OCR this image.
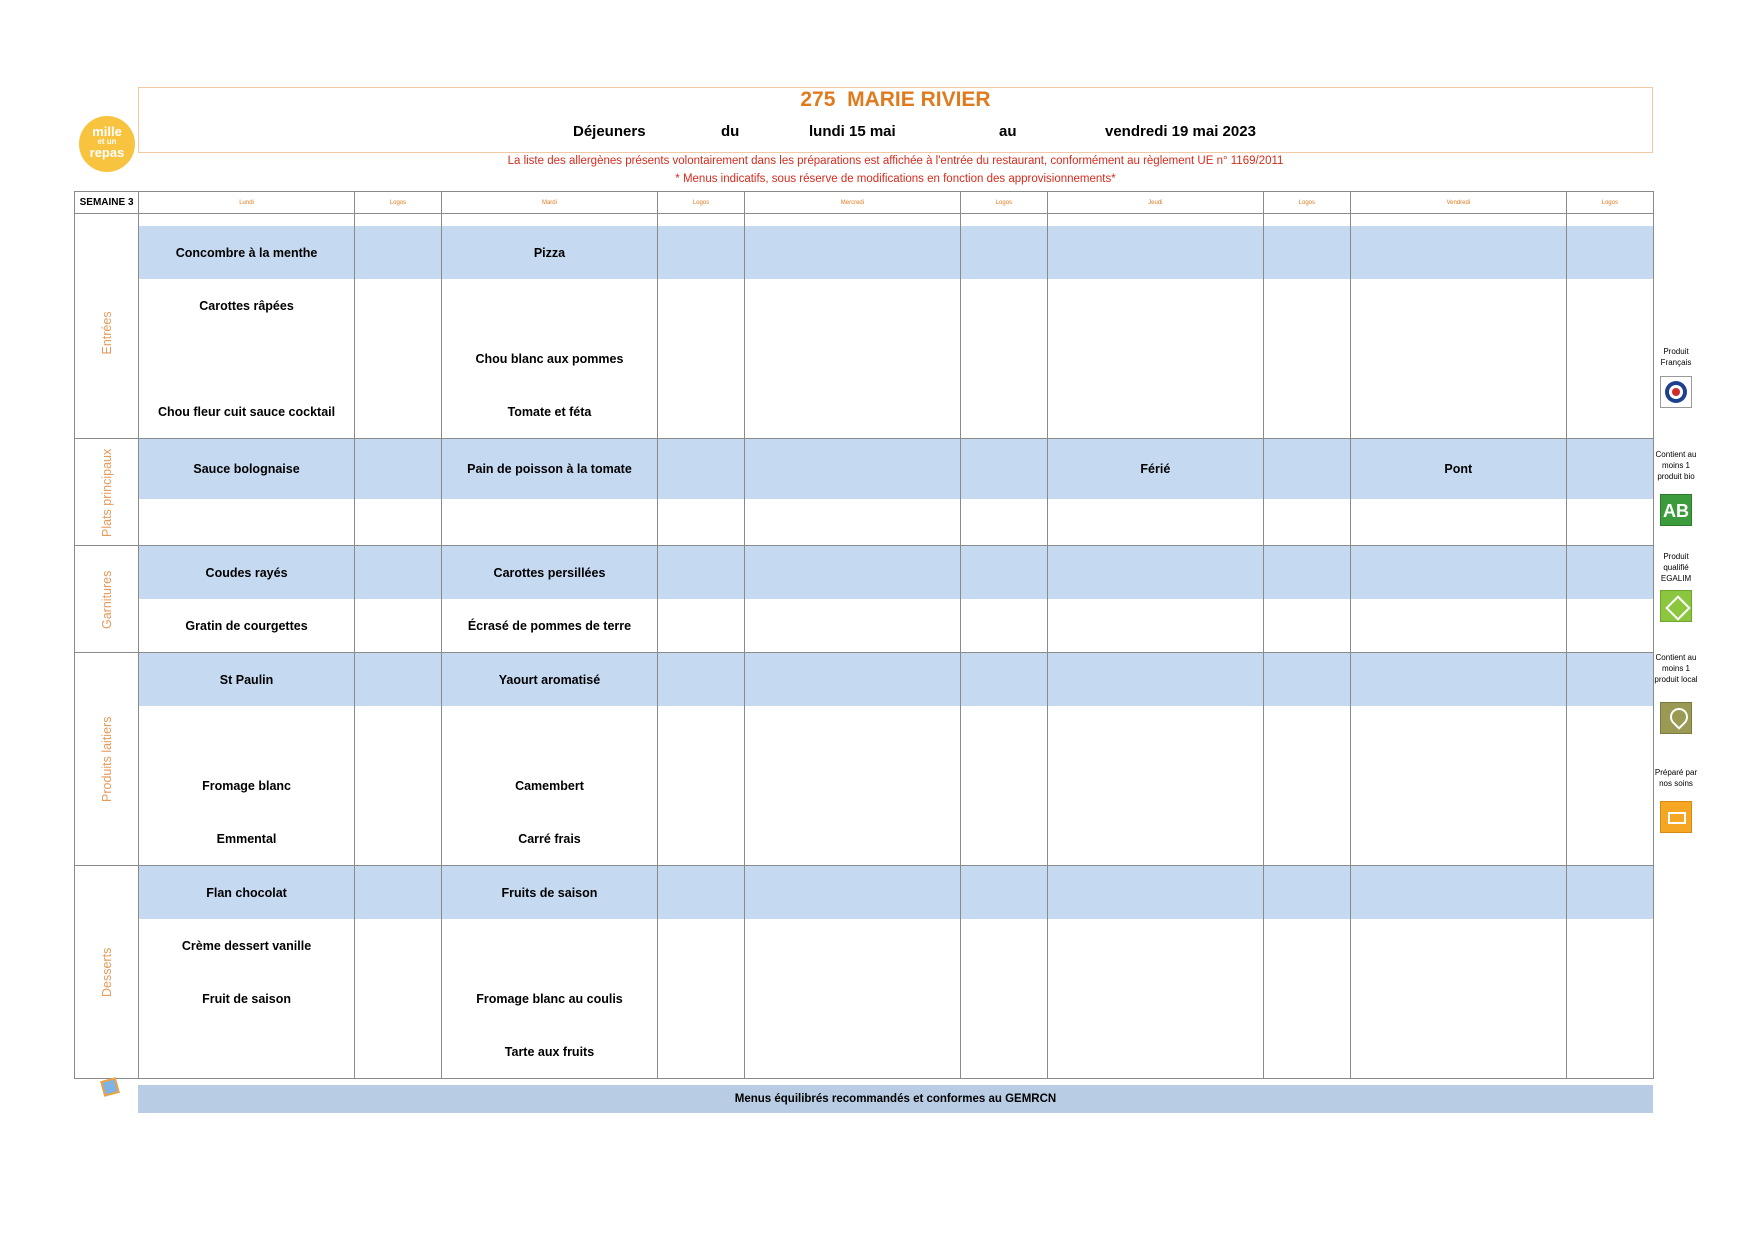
mille
et un
repas
275  MARIE RIVIER
Déjeuners	du	lundi 15 mai	au	vendredi 19 mai 2023
La liste des allergènes présents volontairement dans les préparations est affichée à l'entrée du restaurant, conformément au règlement UE n° 1169/2011
* Menus indicatifs, sous réserve de modifications en fonction des approvisionnements*
SEMAINE 3	Lundi	Logos	Mardi	Logos	Mercredi	Logos	Jeudi	Logos	Vendredi	Logos

Entrées	Concombre à la menthe		Pizza							
	Carottes râpées									
			Chou blanc aux pommes							
	Chou fleur cuit sauce cocktail		Tomate et féta							
Plats principaux	Sauce bolognaise		Pain de poisson à la tomate				Férié		Pont	

Garnitures	Coudes rayés		Carottes persillées							
	Gratin de courgettes		Écrasé de pommes de terre							
Produits laitiers	St Paulin		Yaourt aromatisé							

	Fromage blanc		Camembert							
	Emmental		Carré frais							
Desserts	Flan chocolat		Fruits de saison							
	Crème dessert vanille									
	Fruit de saison		Fromage blanc au coulis							
			Tarte aux fruits							
Menus équilibrés recommandés et conformes au GEMRCN
Produit Français
Contient au moins 1 produit bio
AB
Produit qualifié EGALIM
Contient au moins 1 produit local
Préparé par nos soins
